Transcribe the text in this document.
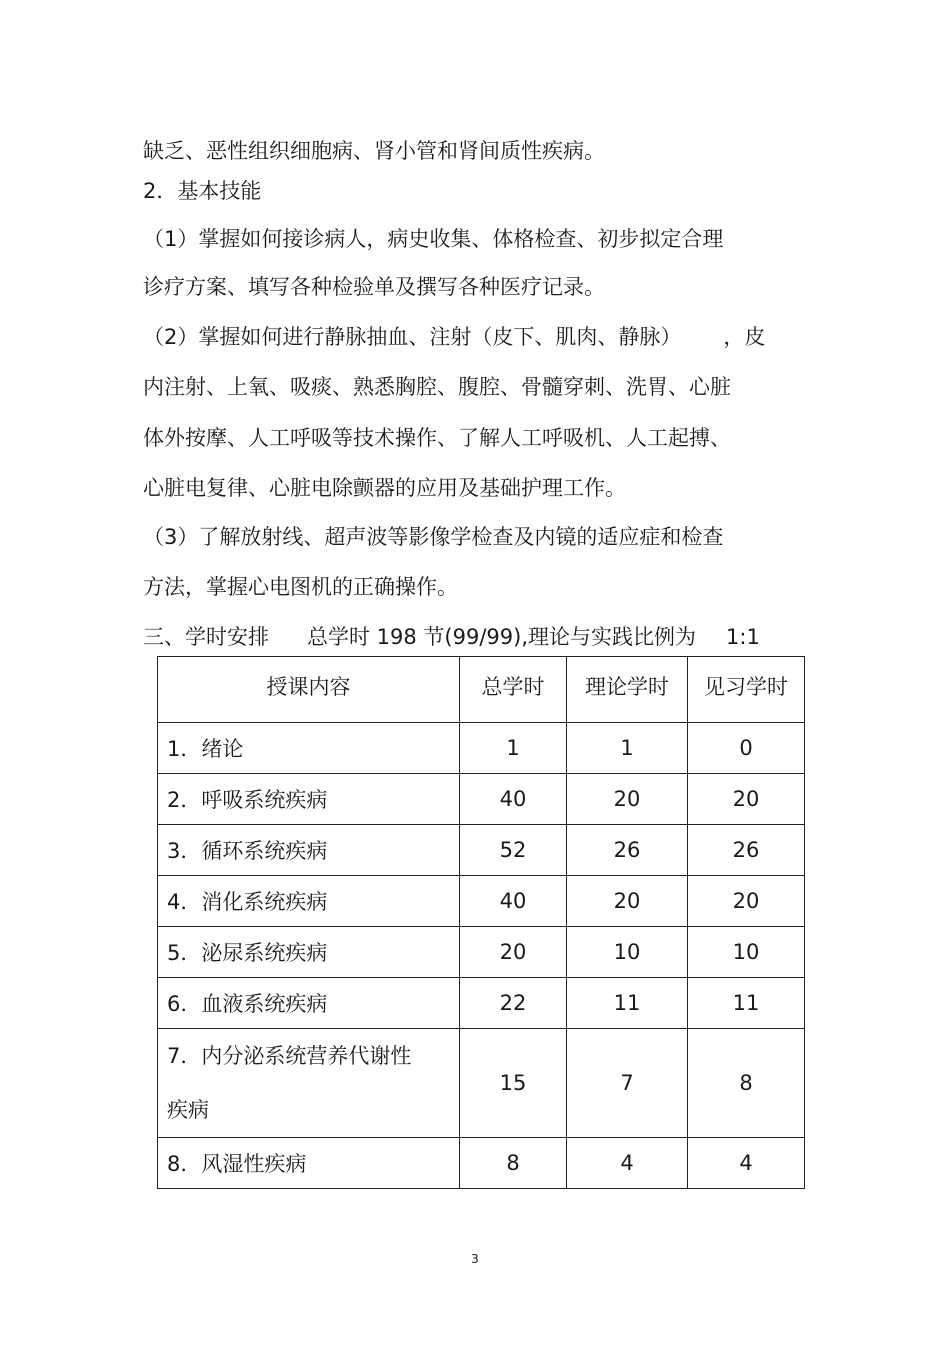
缺乏、恶性组织细胞病、肾小管和肾间质性疾病。
2．基本技能
（1）掌握如何接诊病人，病史收集、体格检查、初步拟定合理
诊疗方案、填写各种检验单及撰写各种医疗记录。
（2）掌握如何进行静脉抽血、注射（皮下、肌肉、静脉） ，皮
内注射、上氧、吸痰、熟悉胸腔、腹腔、骨髓穿刺、洗胃、心脏
体外按摩、人工呼吸等技术操作、了解人工呼吸机、人工起搏、
心脏电复律、心脏电除颤器的应用及基础护理工作。
（3）了解放射线、超声波等影像学检查及内镜的适应症和检查
方法，掌握心电图机的正确操作。
三、学时安排 总学时 198 节(99/99),理论与实践比例为 1:1
授课内容	总学时	理论学时	见习学时
1．绪论	1	1	0
2．呼吸系统疾病	40	20	20
3．循环系统疾病	52	26	26
4．消化系统疾病	40	20	20
5．泌尿系统疾病	20	10	10
6．血液系统疾病	22	11	11

7．内分泌系统营养代谢性
疾病	15	7	8
8．风湿性疾病	8	4	4
3
